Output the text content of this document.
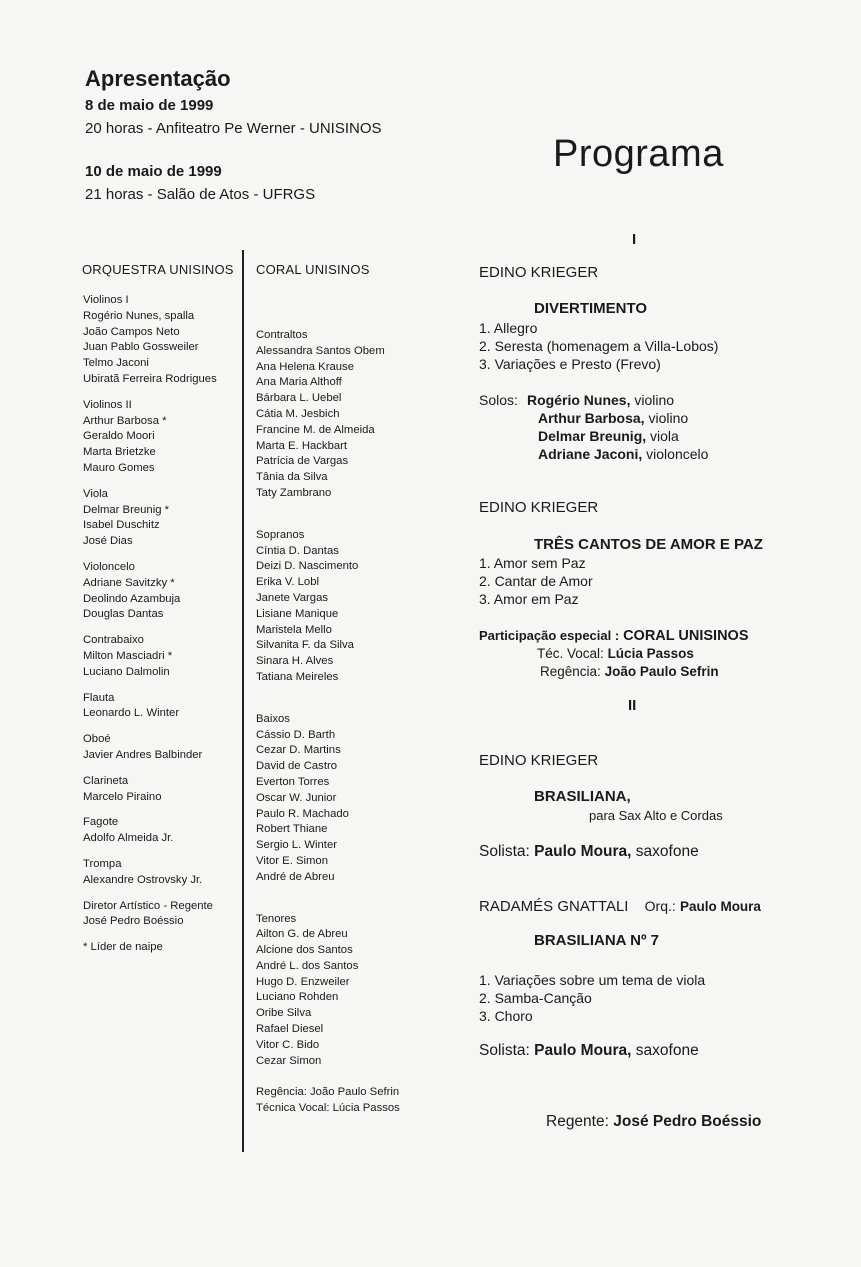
Apresentação
8 de maio de 1999
20 horas - Anfiteatro Pe Werner - UNISINOS
10 de maio de 1999
21 horas - Salão de Atos - UFRGS
ORQUESTRA UNISINOS
Violinos I
Rogério Nunes, spalla
João Campos Neto
Juan Pablo Gossweiler
Telmo Jaconi
Ubiratã Ferreira Rodrigues
Violinos II
Arthur Barbosa *
Geraldo Moori
Marta Brietzke
Mauro Gomes
Viola
Delmar Breunig *
Isabel Duschitz
José Dias
Violoncelo
Adriane Savitzky *
Deolindo Azambuja
Douglas Dantas
Contrabaixo
Milton Masciadri *
Luciano Dalmolin
Flauta
Leonardo L. Winter
Oboé
Javier Andres Balbinder
Clarineta
Marcelo Piraino
Fagote
Adolfo Almeida Jr.
Trompa
Alexandre Ostrovsky Jr.
Diretor Artístico - Regente
José Pedro Boéssio
* Líder de naipe
CORAL UNISINOS
Contraltos
Alessandra Santos Obem
Ana Helena Krause
Ana Maria Althoff
Bárbara L. Uebel
Cátia M. Jesbich
Francine M. de Almeida
Marta E. Hackbart
Patrícia de Vargas
Tânia da Silva
Taty Zambrano
Sopranos
Cíntia D. Dantas
Deizi D. Nascimento
Erika V. Lobl
Janete Vargas
Lisiane Manique
Maristela Mello
Silvanita F. da Silva
Sinara H. Alves
Tatiana Meireles
Baixos
Cássio D. Barth
Cezar D. Martins
David de Castro
Everton Torres
Oscar W. Junior
Paulo R. Machado
Robert Thiane
Sergio L. Winter
Vitor E. Simon
André de Abreu
Tenores
Ailton G. de Abreu
Alcione dos Santos
André L. dos Santos
Hugo D. Enzweiler
Luciano Rohden
Oribe Silva
Rafael Diesel
Vitor C. Bido
Cezar Simon
Regência: João Paulo Sefrin
Técnica Vocal: Lúcia Passos
Programa
I
EDINO KRIEGER
DIVERTIMENTO
1. Allegro
2. Seresta (homenagem a Villa-Lobos)
3. Variações e Presto (Frevo)
Solos: Rogério Nunes, violino
Arthur Barbosa, violino
Delmar Breunig, viola
Adriane Jaconi, violoncelo
EDINO KRIEGER
TRÊS CANTOS DE AMOR E PAZ
1. Amor sem Paz
2. Cantar de Amor
3. Amor em Paz
Participação especial : CORAL UNISINOS
Téc. Vocal: Lúcia Passos
Regência: João Paulo Sefrin
II
EDINO KRIEGER
BRASILIANA,
para Sax Alto e Cordas
Solista: Paulo Moura, saxofone
RADAMÉS GNATTALI Orq.: Paulo Moura
BRASILIANA Nº 7
1. Variações sobre um tema de viola
2. Samba-Canção
3. Choro
Solista: Paulo Moura, saxofone
Regente: José Pedro Boéssio
